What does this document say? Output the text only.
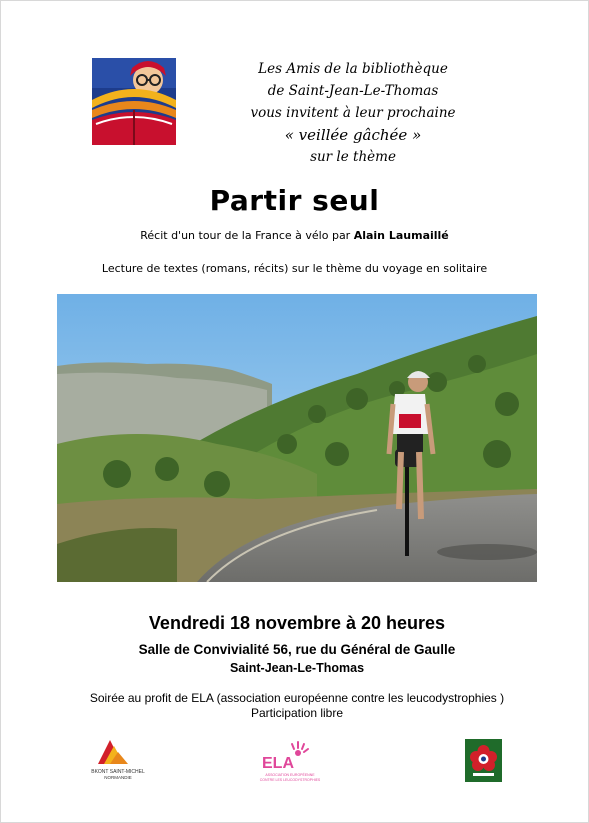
Les Amis de la bibliothèque
de Saint-Jean-Le-Thomas
vous invitent à leur prochaine
« veillée gâchée »
sur le thème
Partir seul
Récit d'un tour de la France à vélo par Alain Laumaillé
Lecture de textes (romans, récits) sur le thème du voyage en solitaire
Vendredi 18 novembre à 20 heures
Salle de Convivialité 56, rue du Général de Gaulle
Saint-Jean-Le-Thomas
Soirée au profit de ELA (association européenne contre les leucodystrophies )
Participation libre
BKONT SAINT-MICHEL
NORMANDIE
ELA
ASSOCIATION EUROPÉENNE
CONTRE LES LEUCODYSTROPHIES
